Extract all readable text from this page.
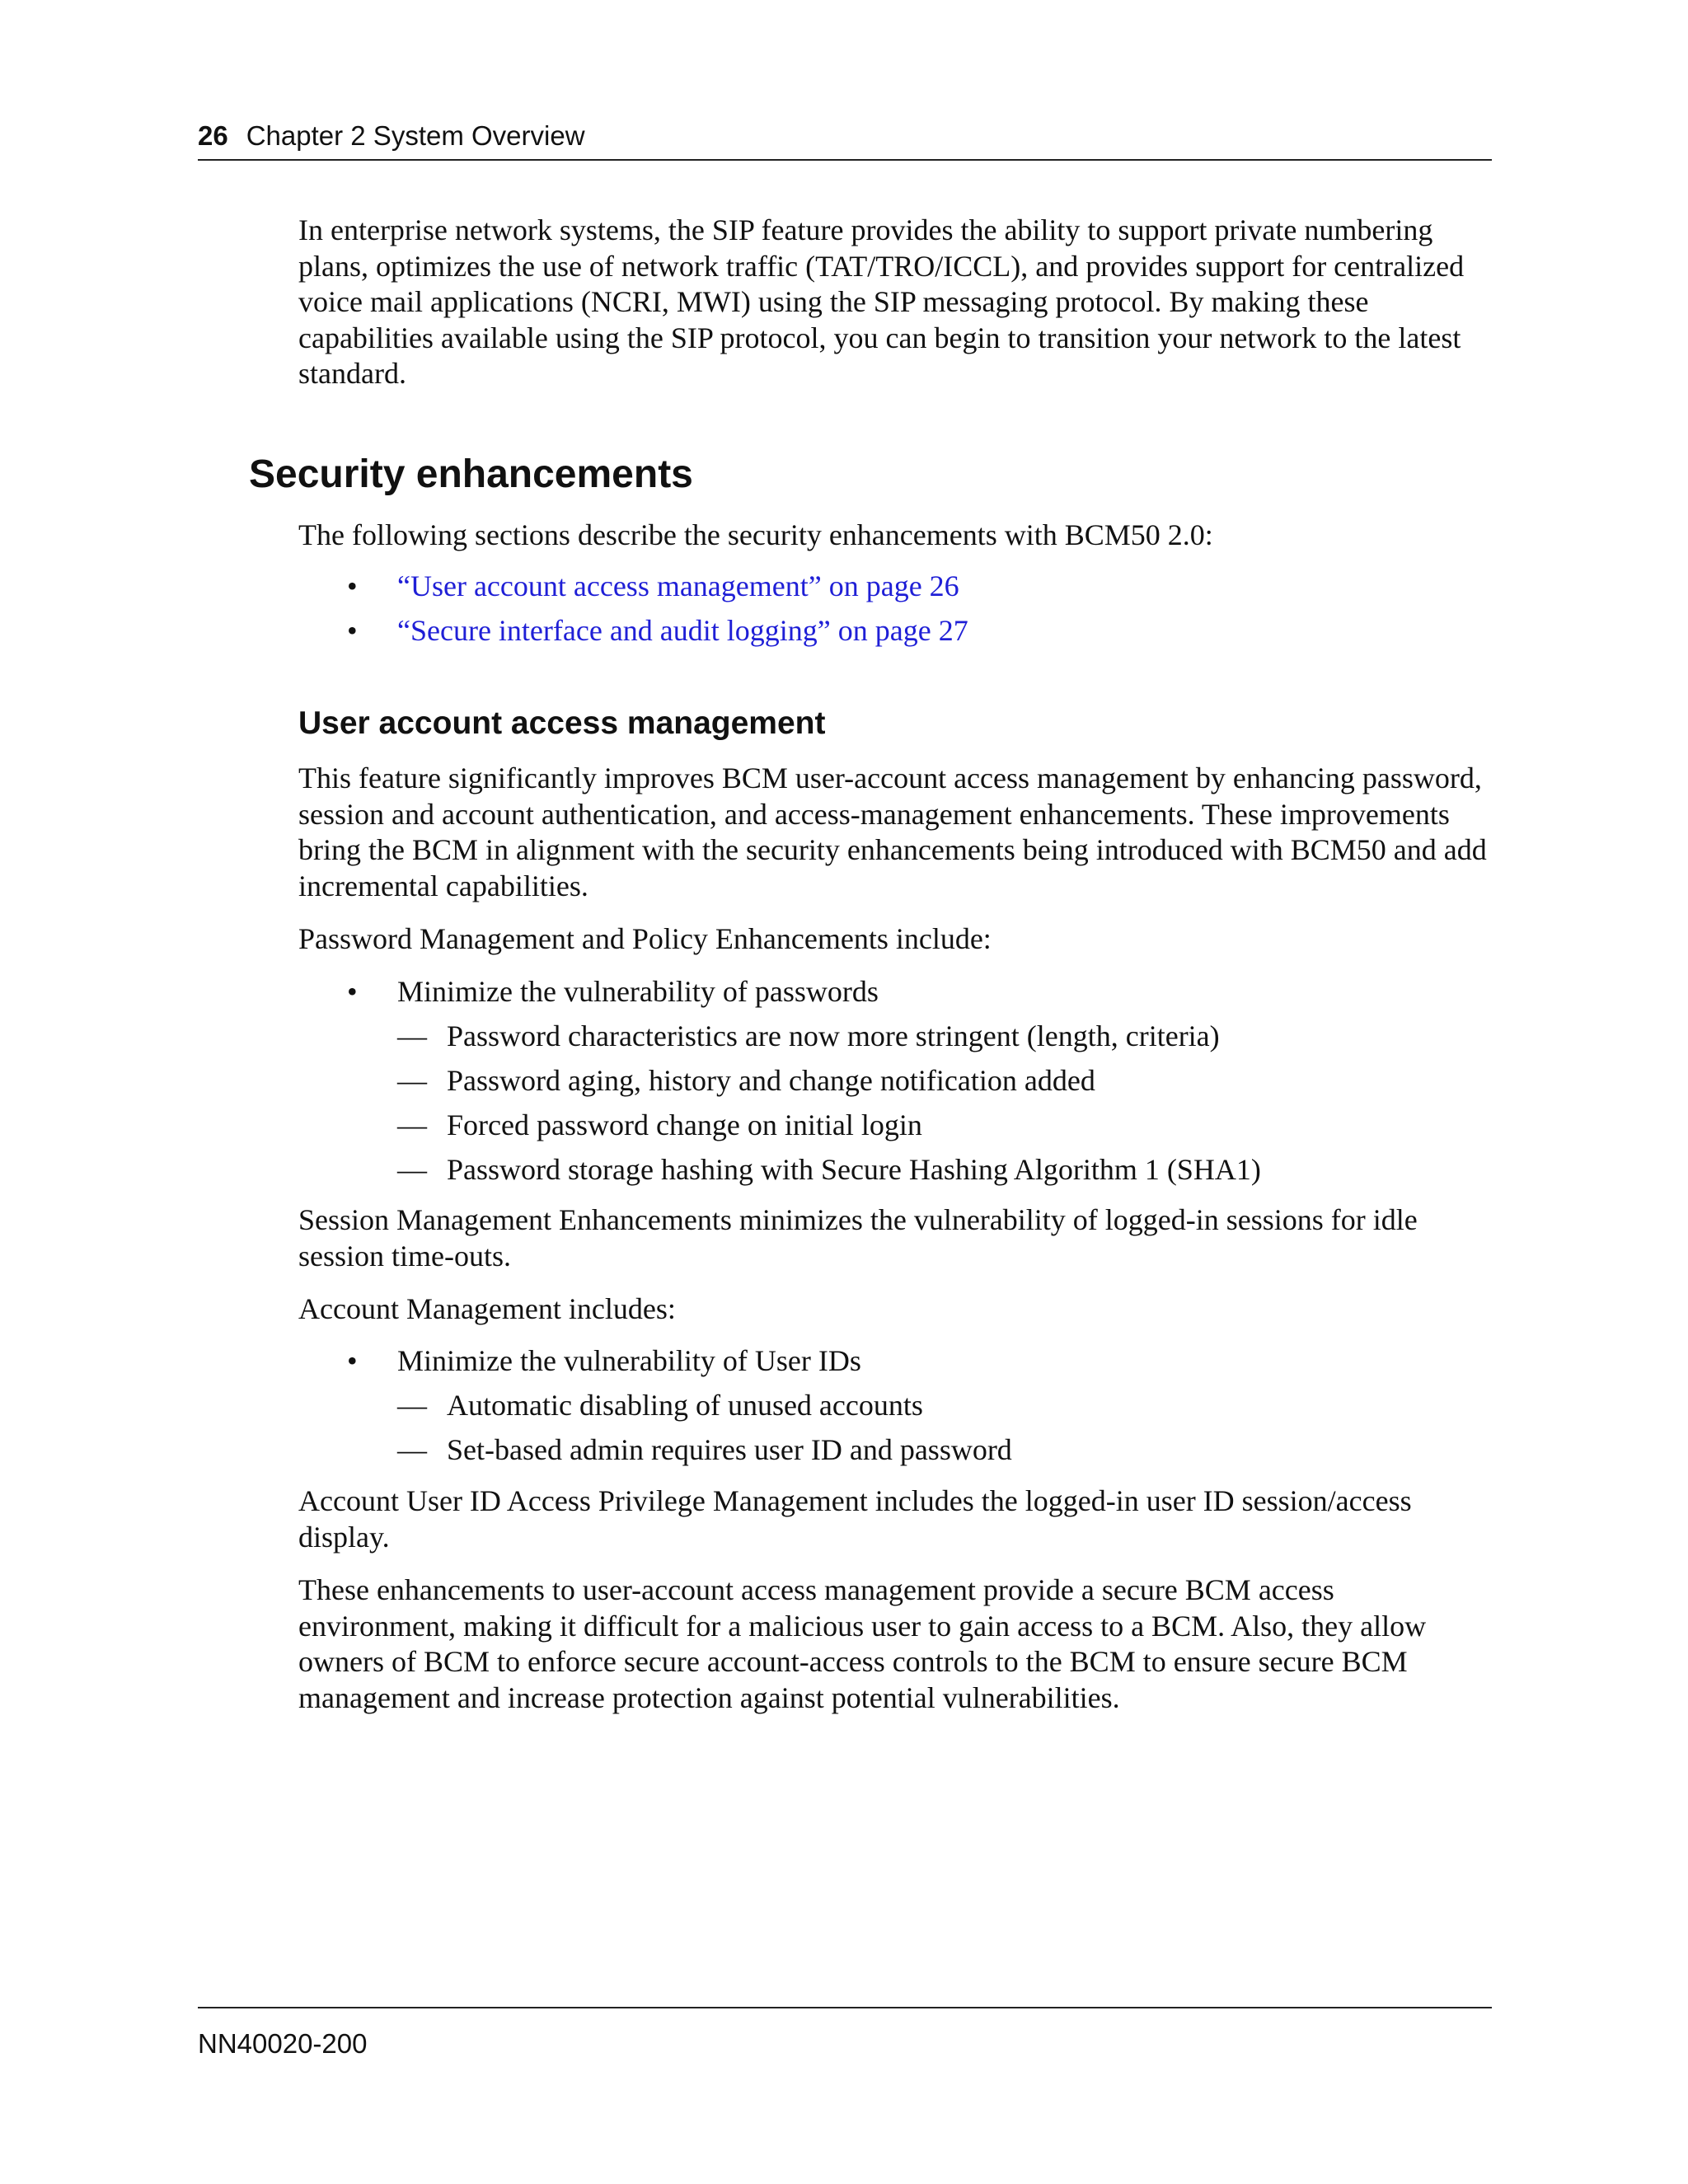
26 Chapter 2 System Overview

In enterprise network systems, the SIP feature provides the ability to support private numbering plans, optimizes the use of network traffic (TAT/TRO/ICCL), and provides support for centralized voice mail applications (NCRI, MWI) using the SIP messaging protocol. By making these capabilities available using the SIP protocol, you can begin to transition your network to the latest standard.

Security enhancements

The following sections describe the security enhancements with BCM50 2.0:

• “User account access management” on page 26
• “Secure interface and audit logging” on page 27
User account access management

This feature significantly improves BCM user-account access management by enhancing password, session and account authentication, and access-management enhancements. These improvements bring the BCM in alignment with the security enhancements being introduced with BCM50 and add incremental capabilities.

Password Management and Policy Enhancements include:

• Minimize the vulnerability of passwords
— Password characteristics are now more stringent (length, criteria)
— Password aging, history and change notification added
— Forced password change on initial login
— Password storage hashing with Secure Hashing Algorithm 1 (SHA1)

Session Management Enhancements minimizes the vulnerability of logged-in sessions for idle session time-outs.

Account Management includes:

• Minimize the vulnerability of User IDs
— Automatic disabling of unused accounts
— Set-based admin requires user ID and password

Account User ID Access Privilege Management includes the logged-in user ID session/access display.

These enhancements to user-account access management provide a secure BCM access environment, making it difficult for a malicious user to gain access to a BCM. Also, they allow owners of BCM to enforce secure account-access controls to the BCM to ensure secure BCM management and increase protection against potential vulnerabilities.

NN40020-200
